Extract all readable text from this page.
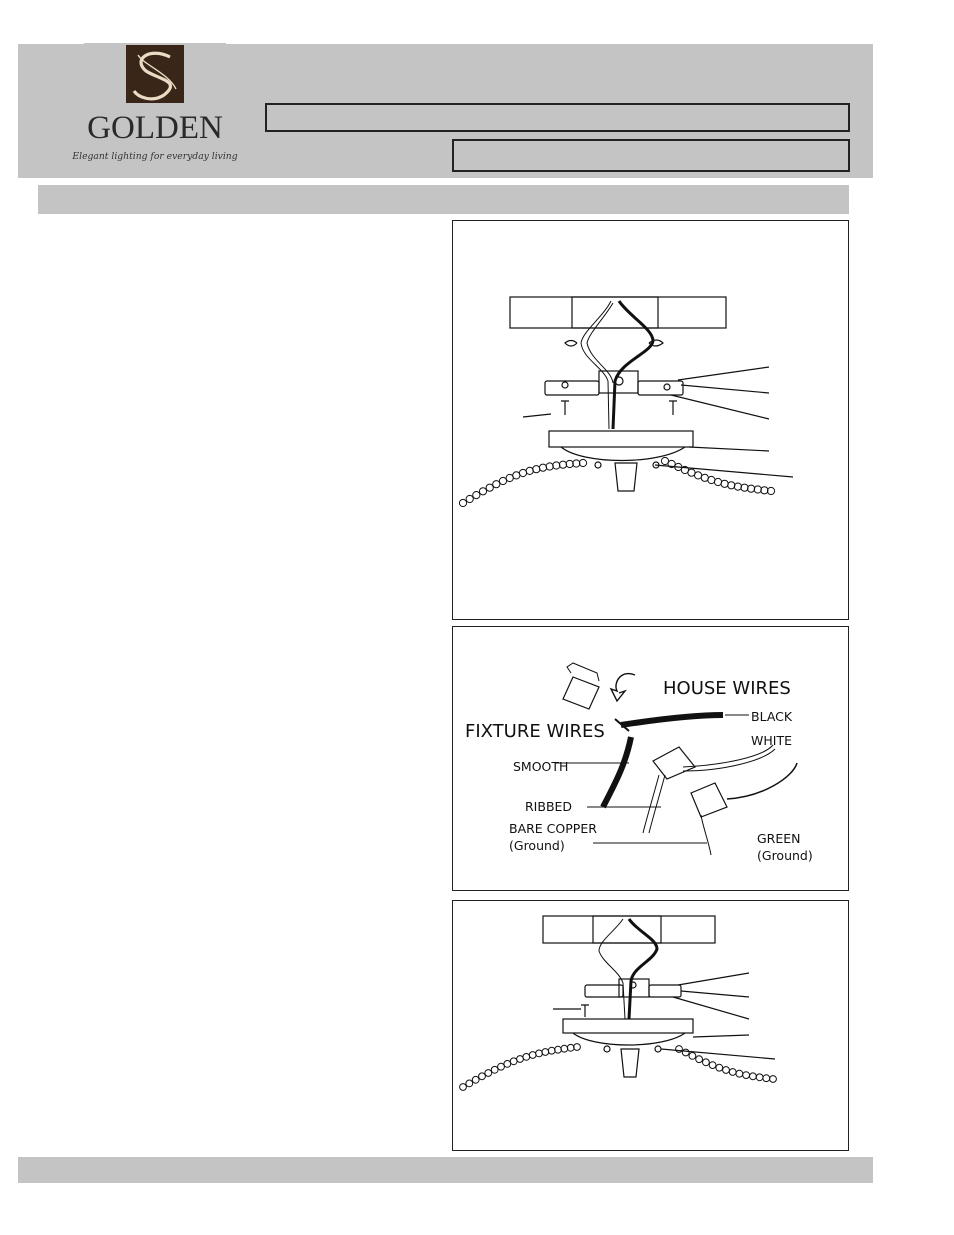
GOLDEN
Elegant lighting for everyday living
HOUSE WIRES
FIXTURE WIRES
BLACK
WHITE
SMOOTH
RIBBED
BARE COPPER
(Ground)	GREEN
(Ground)
